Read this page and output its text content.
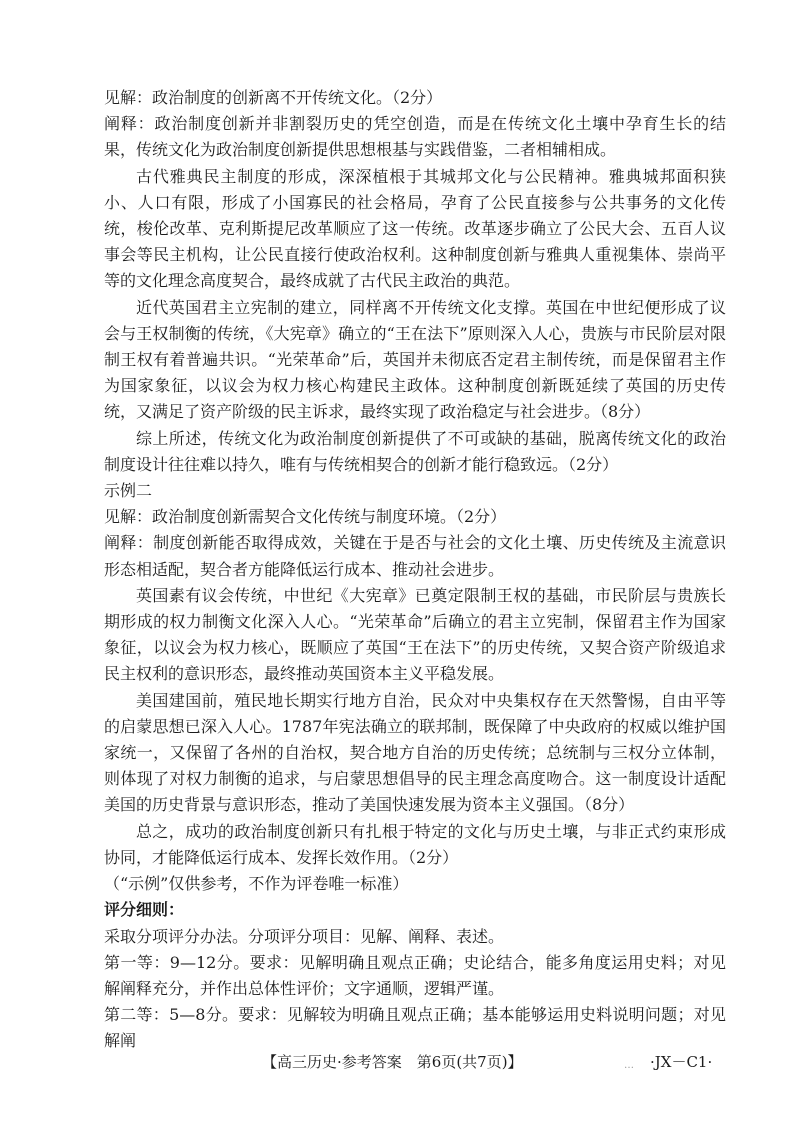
见解：政治制度的创新离不开传统文化。（2分）

阐释：政治制度创新并非割裂历史的凭空创造，而是在传统文化土壤中孕育生长的结果，传统文化为政治制度创新提供思想根基与实践借鉴，二者相辅相成。

古代雅典民主制度的形成，深深植根于其城邦文化与公民精神。雅典城邦面积狭小、人口有限，形成了小国寡民的社会格局，孕育了公民直接参与公共事务的文化传统，梭伦改革、克利斯提尼改革顺应了这一传统。改革逐步确立了公民大会、五百人议事会等民主机构，让公民直接行使政治权利。这种制度创新与雅典人重视集体、崇尚平等的文化理念高度契合，最终成就了古代民主政治的典范。

近代英国君主立宪制的建立，同样离不开传统文化支撑。英国在中世纪便形成了议会与王权制衡的传统，《大宪章》确立的“王在法下”原则深入人心，贵族与市民阶层对限制王权有着普遍共识。“光荣革命”后，英国并未彻底否定君主制传统，而是保留君主作为国家象征，以议会为权力核心构建民主政体。这种制度创新既延续了英国的历史传统，又满足了资产阶级的民主诉求，最终实现了政治稳定与社会进步。（8分）

综上所述，传统文化为政治制度创新提供了不可或缺的基础，脱离传统文化的政治制度设计往往难以持久，唯有与传统相契合的创新才能行稳致远。（2分）

示例二

见解：政治制度创新需契合文化传统与制度环境。（2分）

阐释：制度创新能否取得成效，关键在于是否与社会的文化土壤、历史传统及主流意识形态相适配，契合者方能降低运行成本、推动社会进步。

英国素有议会传统，中世纪《大宪章》已奠定限制王权的基础，市民阶层与贵族长期形成的权力制衡文化深入人心。“光荣革命”后确立的君主立宪制，保留君主作为国家象征，以议会为权力核心，既顺应了英国“王在法下”的历史传统，又契合资产阶级追求民主权利的意识形态，最终推动英国资本主义平稳发展。

美国建国前，殖民地长期实行地方自治，民众对中央集权存在天然警惕，自由平等的启蒙思想已深入人心。1787年宪法确立的联邦制，既保障了中央政府的权威以维护国家统一，又保留了各州的自治权，契合地方自治的历史传统；总统制与三权分立体制，则体现了对权力制衡的追求，与启蒙思想倡导的民主理念高度吻合。这一制度设计适配美国的历史背景与意识形态，推动了美国快速发展为资本主义强国。（8分）

总之，成功的政治制度创新只有扎根于特定的文化与历史土壤，与非正式约束形成协同，才能降低运行成本、发挥长效作用。（2分）

（“示例”仅供参考，不作为评卷唯一标准）

评分细则：

采取分项评分办法。分项评分项目：见解、阐释、表述。

第一等：9—12分。要求：见解明确且观点正确；史论结合，能多角度运用史料；对见解阐释充分，并作出总体性评价；文字通顺，逻辑严谨。

第二等：5—8分。要求：见解较为明确且观点正确；基本能够运用史料说明问题；对见解阐

【高三历史·参考答案　第6页(共7页)】	… ·JX－C1·
